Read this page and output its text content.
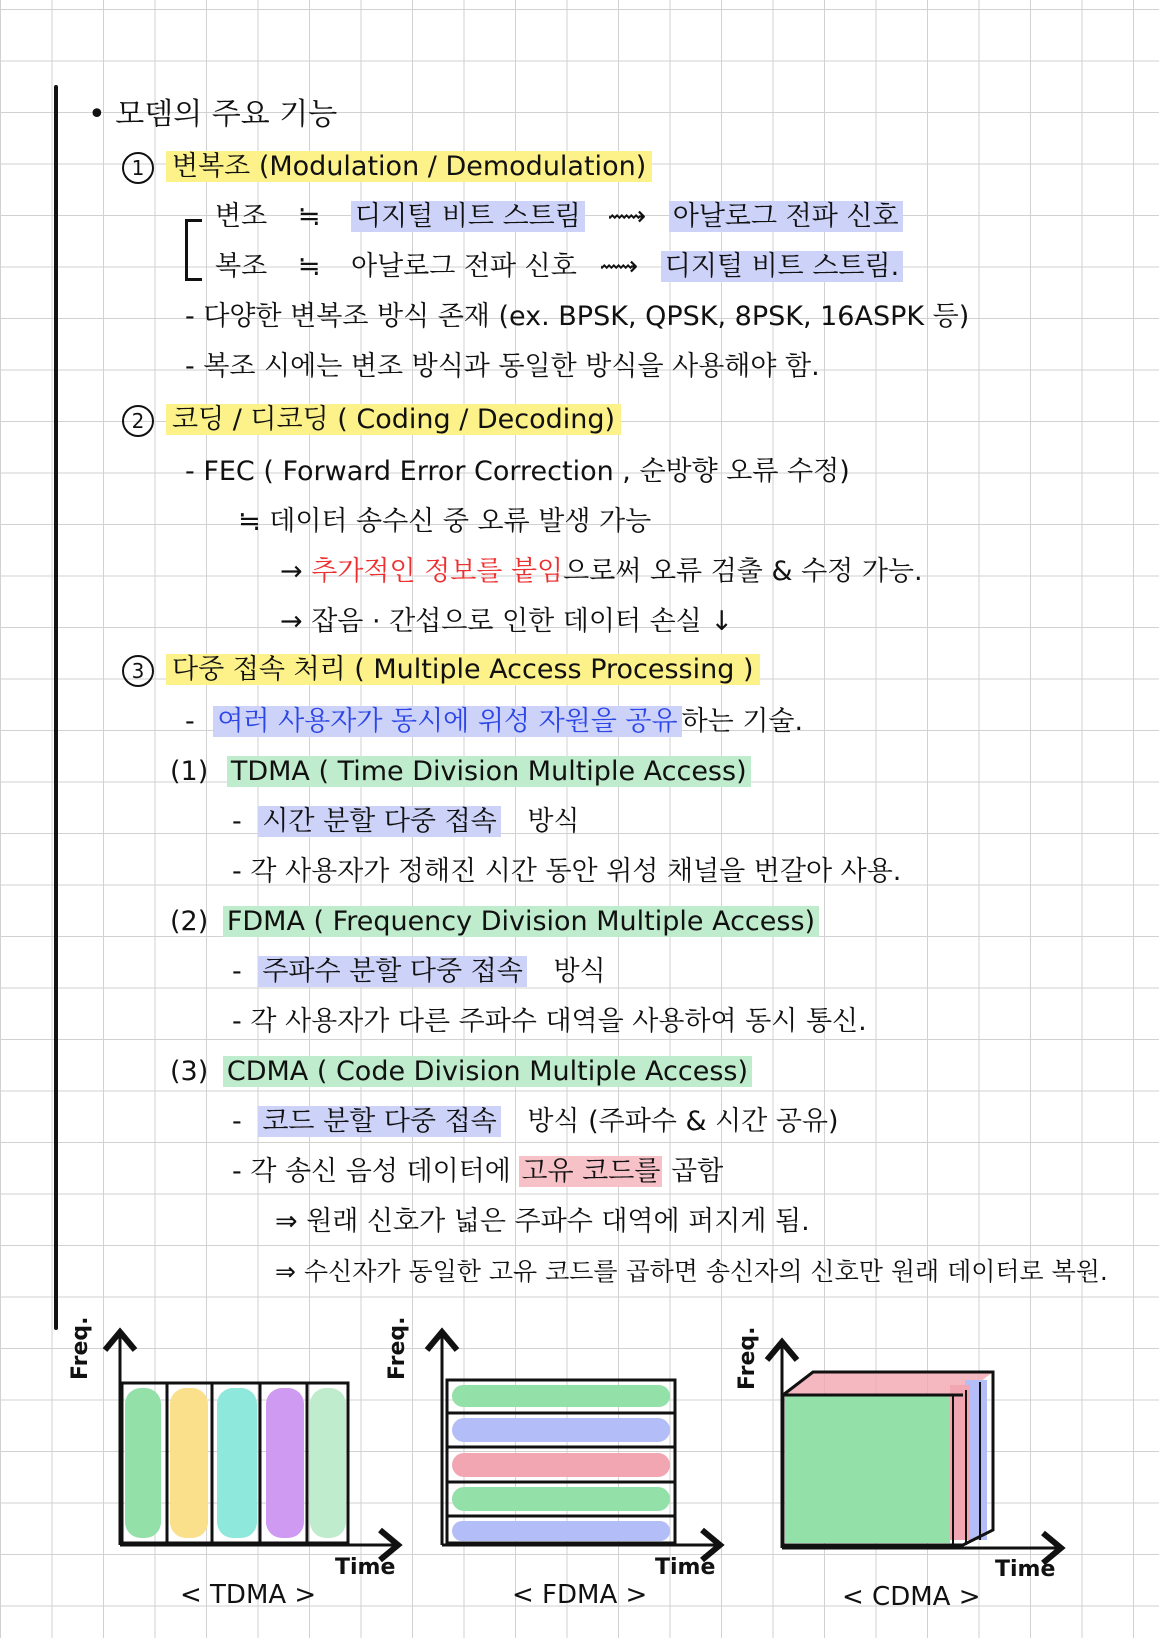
• 모뎀의 주요 기능
1 변복조 (Modulation / Demodulation)
변조 ≒ 디지털 비트 스트림 ⟿ 아날로그 전파 신호
복조 ≒ 아날로그 전파 신호 ⟿ 디지털 비트 스트림.
- 다양한 변복조 방식 존재 (ex. BPSK, QPSK, 8PSK, 16ASPK 등)
- 복조 시에는 변조 방식과 동일한 방식을 사용해야 함.
2 코딩 / 디코딩 ( Coding / Decoding)
- FEC ( Forward Error Correction , 순방향 오류 수정)
≒ 데이터 송수신 중 오류 발생 가능
→ 추가적인 정보를 붙임으로써 오류 검출 & 수정 가능.
→ 잡음 · 간섭으로 인한 데이터 손실 ↓
3 다중 접속 처리 ( Multiple Access Processing )
- 여러 사용자가 동시에 위성 자원을 공유 하는 기술.
(1) TDMA ( Time Division Multiple Access)
- 시간 분할 다중 접속 방식
- 각 사용자가 정해진 시간 동안 위성 채널을 번갈아 사용.
(2) FDMA ( Frequency Division Multiple Access)
- 주파수 분할 다중 접속 방식
- 각 사용자가 다른 주파수 대역을 사용하여 동시 통신.
(3) CDMA ( Code Division Multiple Access)
- 코드 분할 다중 접속 방식 (주파수 & 시간 공유)
- 각 송신 음성 데이터에 고유 코드를 곱함
⇒ 원래 신호가 넓은 주파수 대역에 퍼지게 됨.
⇒ 수신자가 동일한 고유 코드를 곱하면 송신자의 신호만 원래 데이터로 복원.
Freq.	Freq.	Freq.
Time	Time	Time
< TDMA >	< FDMA >	< CDMA >
